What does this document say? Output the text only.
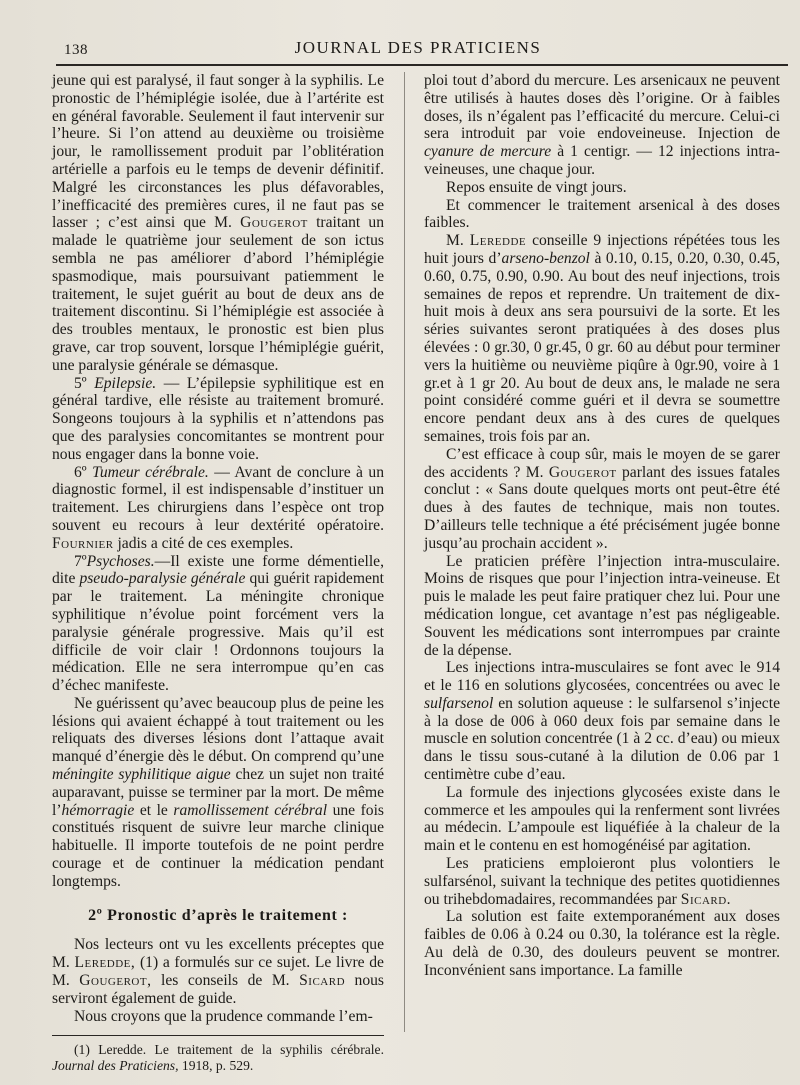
138	JOURNAL DES PRATICIENS

jeune qui est paralysé, il faut songer à la syphilis. Le pronostic de l’hémiplégie isolée, due à l’artérite est en général favorable. Seulement il faut intervenir sur l’heure. Si l’on attend au deuxième ou troisième jour, le ramollissement produit par l’oblitération artérielle a parfois eu le temps de devenir définitif. Malgré les circonstances les plus défavorables, l’inefficacité des premières cures, il ne faut pas se lasser ; c’est ainsi que M. Gougerot traitant un malade le quatrième jour seulement de son ictus sembla ne pas améliorer d’abord l’hémiplégie spasmodique, mais poursuivant patiemment le traitement, le sujet guérit au bout de deux ans de traitement discontinu. Si l’hémiplégie est associée à des troubles mentaux, le pronostic est bien plus grave, car trop souvent, lorsque l’hémiplégie guérit, une paralysie générale se démasque.

5º Epilepsie. — L’épilepsie syphilitique est en général tardive, elle résiste au traitement bromuré. Songeons toujours à la syphilis et n’attendons pas que des paralysies concomitantes se montrent pour nous engager dans la bonne voie.

6º Tumeur cérébrale. — Avant de conclure à un diagnostic formel, il est indispensable d’instituer un traitement. Les chirurgiens dans l’espèce ont trop souvent eu recours à leur dextérité opératoire. Fournier jadis a cité de ces exemples.

7ºPsychoses.—Il existe une forme démentielle, dite pseudo-paralysie générale qui guérit rapidement par le traitement. La méningite chronique syphilitique n’évolue point forcément vers la paralysie générale progressive. Mais qu’il est difficile de voir clair ! Ordonnons toujours la médication. Elle ne sera interrompue qu’en cas d’échec manifeste.

Ne guérissent qu’avec beaucoup plus de peine les lésions qui avaient échappé à tout traitement ou les reliquats des diverses lésions dont l’attaque avait manqué d’énergie dès le début. On comprend qu’une méningite syphilitique aigue chez un sujet non traité auparavant, puisse se terminer par la mort. De même l’hémorragie et le ramollissement cérébral une fois constitués risquent de suivre leur marche clinique habituelle. Il importe toutefois de ne point perdre courage et de continuer la médication pendant longtemps.

2º Pronostic d’après le traitement :

Nos lecteurs ont vu les excellents préceptes que M. Leredde, (1) a formulés sur ce sujet. Le livre de M. Gougerot, les conseils de M. Sicard nous serviront également de guide.

Nous croyons que la prudence commande l’em-

(1) Leredde. Le traitement de la syphilis cérébrale. Journal des Praticiens, 1918, p. 529.

ploi tout d’abord du mercure. Les arsenicaux ne peuvent être utilisés à hautes doses dès l’origine. Or à faibles doses, ils n’égalent pas l’efficacité du mercure. Celui-ci sera introduit par voie endoveineuse. Injection de cyanure de mercure à 1 centigr. — 12 injections intra-veineuses, une chaque jour.

Repos ensuite de vingt jours.

Et commencer le traitement arsenical à des doses faibles.

M. Leredde conseille 9 injections répétées tous les huit jours d’arseno-benzol à 0.10, 0.15, 0.20, 0.30, 0.45, 0.60, 0.75, 0.90, 0.90. Au bout des neuf injections, trois semaines de repos et reprendre. Un traitement de dix-huit mois à deux ans sera poursuivi de la sorte. Et les séries suivantes seront pratiquées à des doses plus élevées : 0 gr.30, 0 gr.45, 0 gr. 60 au début pour terminer vers la huitième ou neuvième piqûre à 0gr.90, voire à 1 gr.et à 1 gr 20. Au bout de deux ans, le malade ne sera point considéré comme guéri et il devra se soumettre encore pendant deux ans à des cures de quelques semaines, trois fois par an.

C’est efficace à coup sûr, mais le moyen de se garer des accidents ? M. Gougerot parlant des issues fatales conclut : « Sans doute quelques morts ont peut-être été dues à des fautes de technique, mais non toutes. D’ailleurs telle technique a été précisément jugée bonne jusqu’au prochain accident ».

Le praticien préfère l’injection intra-musculaire. Moins de risques que pour l’injection intra-veineuse. Et puis le malade les peut faire pratiquer chez lui. Pour une médication longue, cet avantage n’est pas négligeable. Souvent les médications sont interrompues par crainte de la dépense.

Les injections intra-musculaires se font avec le 914 et le 116 en solutions glycosées, concentrées ou avec le sulfarsenol en solution aqueuse : le sulfarsenol s’injecte à la dose de 006 à 060 deux fois par semaine dans le muscle en solution concentrée (1 à 2 cc. d’eau) ou mieux dans le tissu sous-cutané à la dilution de 0.06 par 1 centimètre cube d’eau.

La formule des injections glycosées existe dans le commerce et les ampoules qui la renferment sont livrées au médecin. L’ampoule est liquéfiée à la chaleur de la main et le contenu en est homogénéisé par agitation.

Les praticiens emploieront plus volontiers le sulfarsénol, suivant la technique des petites quotidiennes ou trihebdomadaires, recommandées par Sicard.

La solution est faite extemporanément aux doses faibles de 0.06 à 0.24 ou 0.30, la tolérance est la règle. Au delà de 0.30, des douleurs peuvent se montrer. Inconvénient sans importance. La famille
